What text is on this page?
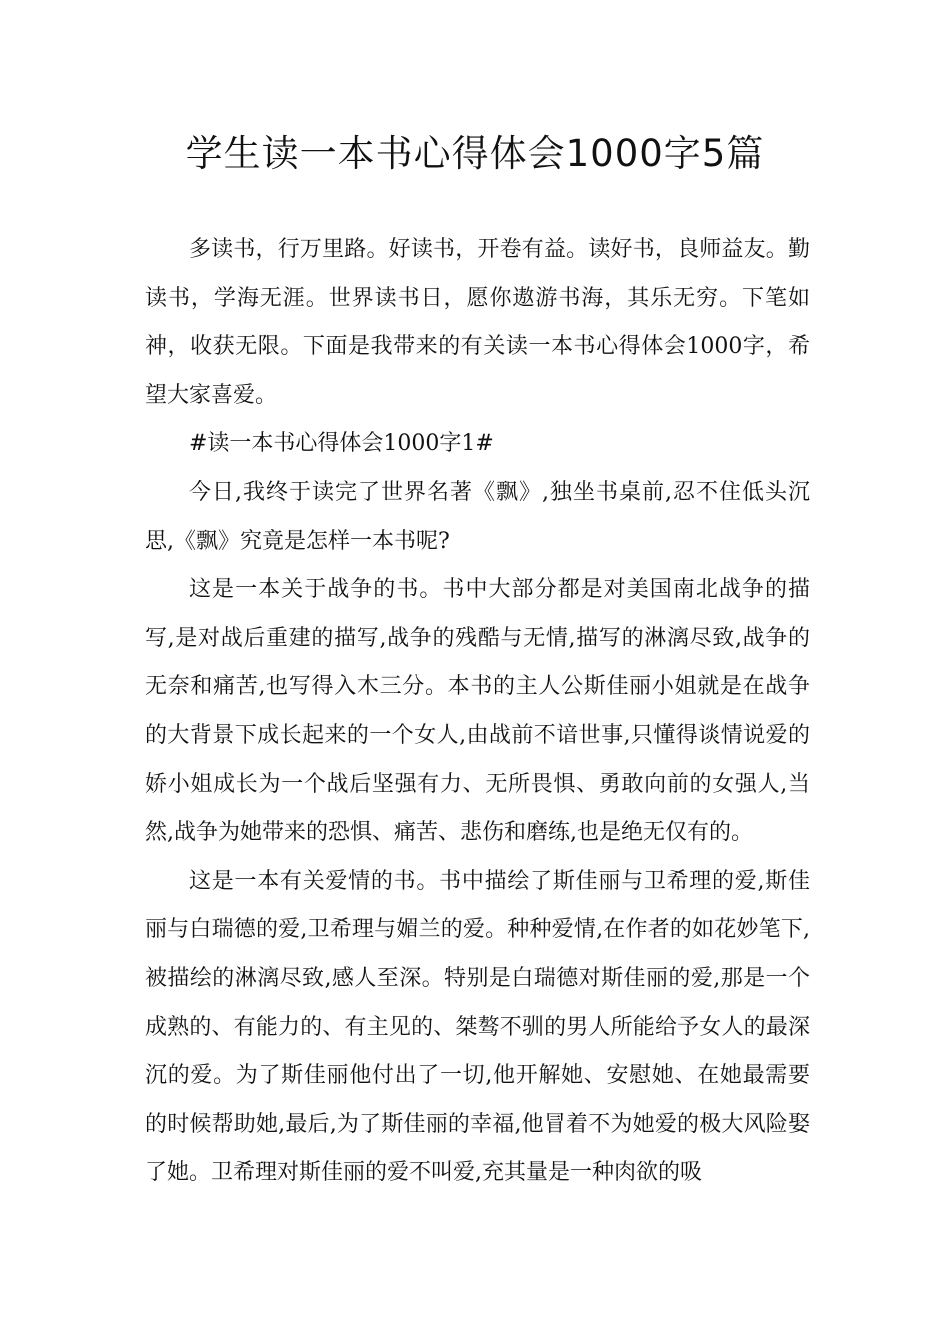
学生读一本书心得体会1000字5篇

多读书，行万里路。好读书，开卷有益。读好书，良师益友。勤读书，学海无涯。世界读书日，愿你遨游书海，其乐无穷。下笔如神，收获无限。下面是我带来的有关读一本书心得体会1000字，希望大家喜爱。

#读一本书心得体会1000字1#

今日,我终于读完了世界名著《飘》,独坐书桌前,忍不住低头沉思,《飘》究竟是怎样一本书呢?

这是一本关于战争的书。书中大部分都是对美国南北战争的描写,是对战后重建的描写,战争的残酷与无情,描写的淋漓尽致,战争的无奈和痛苦,也写得入木三分。本书的主人公斯佳丽小姐就是在战争的大背景下成长起来的一个女人,由战前不谙世事,只懂得谈情说爱的娇小姐成长为一个战后坚强有力、无所畏惧、勇敢向前的女强人,当然,战争为她带来的恐惧、痛苦、悲伤和磨练,也是绝无仅有的。

这是一本有关爱情的书。书中描绘了斯佳丽与卫希理的爱,斯佳丽与白瑞德的爱,卫希理与媚兰的爱。种种爱情,在作者的如花妙笔下,被描绘的淋漓尽致,感人至深。特别是白瑞德对斯佳丽的爱,那是一个成熟的、有能力的、有主见的、桀骜不驯的男人所能给予女人的最深沉的爱。为了斯佳丽他付出了一切,他开解她、安慰她、在她最需要的时候帮助她,最后,为了斯佳丽的幸福,他冒着不为她爱的极大风险娶了她。卫希理对斯佳丽的爱不叫爱,充其量是一种肉欲的吸
